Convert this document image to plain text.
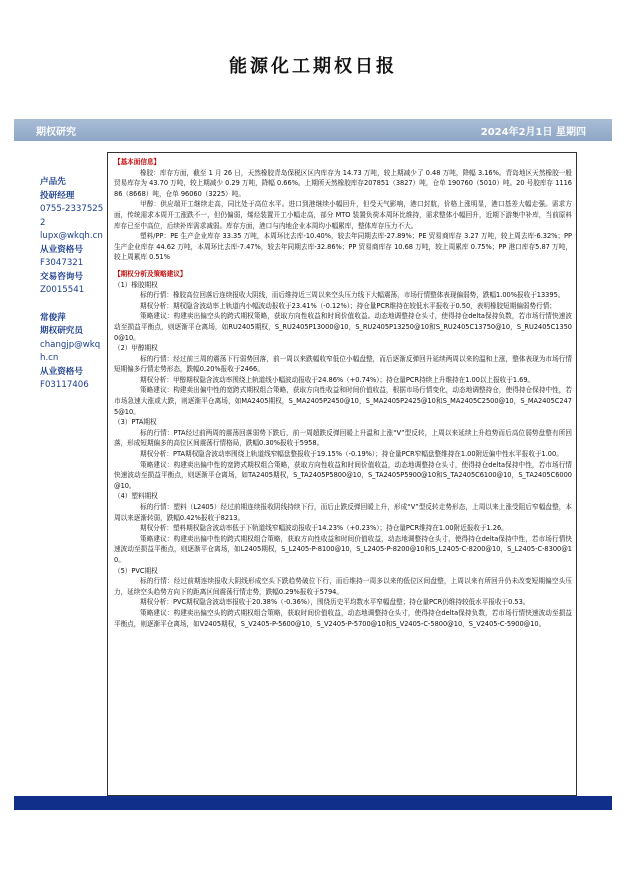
能源化工期权日报
期权研究	2024年2月1日 星期四
卢品先
投研经理
0755-23375252
lupx@wkqh.cn
从业资格号
F3047321
交易咨询号
Z0015541
常俊萍
期权研究员
changjp@wkqh.cn
从业资格号
F03117406

【基本面信息】

橡胶：库存方面，截至 1 月 26 日，天然橡胶青岛保税区区内库存为 14.73 万吨，较上期减少了 0.48 万吨，降幅 3.16%。青岛地区天然橡胶一般贸易库存为 43.70 万吨，较上期减少 0.29 万吨，降幅 0.66%。上期所天然橡胶库存207851（3827）吨，仓单 190760（5010）吨。20 号胶库存 111686（8668）吨，仓单 96060（3225）吨。

甲醇：供应端开工继续走高，同比处于高位水平。进口到港继续小幅回升，但受天气影响，港口封航，价格上涨明显，港口基差大幅走强。需求方面，传统需求本周开工涨跌不一，但仍偏弱，烯烃装置开工小幅走高，部分 MTO 装置负荷本周环比维持，需求整体小幅回升，近期下游集中补库，当前原料库存已至中高位，后续补库需求减弱。库存方面，港口与内地企业本周均小幅累库，整体库存压力不大。

塑料/PP：PE 生产企业库存 33.35 万吨，本周环比去库-10.40%，较去年同期去库-27.89%；PE 贸易商库存 3.27 万吨，较上周去库-6.32%；PP 生产企业库存 44.62 万吨，本周环比去库-7.47%，较去年同期去库-32.86%；PP 贸易商库存 10.68 万吨，较上周累库 0.75%；PP 港口库存5.87 万吨，较上周累库 0.51%

【期权分析及策略建议】

（1）橡胶期权

标的行情：橡胶高位回落后连续报收大阴线，而后维持近三周以来空头压力线下大幅震荡，市场行情整体表现偏弱势，跌幅1.00%报收于13395。

期权分析：期权隐含波动率上轨道内小幅波动报收于23.41%（-0.12%）；持仓量PCR维持在较低水平报收于0.50，表明橡胶短期偏弱势行情；

策略建议：构建卖出偏空头的跨式期权策略，获取方向性收益和时间价值收益。动态地调整持仓头寸，使得持仓delta保持负数，若市场行情快速波动至损益平衡点，则逐渐平仓离场，如RU2405期权，S_RU2405P13000@10，S_RU2405P13250@10和S_RU2405C13750@10，S_RU2405C13500@10。

（2）甲醇期权

标的行情：经过前三周的震荡下行弱势回落，前一周以来跌幅收窄低位小幅盘整，而后逐渐反弹回升延续两周以来的温和上涨，整体表现为市场行情短期偏多行情走势形态，跌幅0.20%报收于2466。

期权分析：甲醇期权隐含波动率围绕上轨道线小幅波动报收于24.86%（+0.74%）；持仓量PCR持续上升维持在1.00以上报收于1.69。

策略建议：构建卖出偏中性的宽跨式期权组合策略，获取方向性收益和时间价值收益，根据市场行情变化，动态地调整持仓，使得持仓保持中性，若市场急速大涨或大跌，则逐渐平仓离场，如MA2405期权，S_MA2405P2450@10，S_MA2405P2425@10和S_MA2405C2500@10，S_MA2405C2475@10。

（3）PTA期权

标的行情：PTA经过前两周的震荡回落弱势下跌后，前一周超跌反弹回暖上升温和上涨“V”型反转，上周以来延续上升趋势而后高位弱势盘整有所回落，形成短期偏多的高位区间震荡行情格局，跌幅0.30%报收于5958。

期权分析：PTA期权隐含波动率围绕上轨道线窄幅盘整报收于19.15%（-0.19%）；持仓量PCR窄幅盘整维持在1.00附近偏中性水平报收于1.00。

策略建议：构建卖出偏中性的宽跨式期权组合策略，获取方向性收益和时间价值收益，动态地调整持仓头寸，使得持仓delta保持中性，若市场行情快速波动至损益平衡点，则逐渐平仓离场，如TA2405期权，S_TA2405P5800@10，S_TA2405P5900@10和S_TA2405C6100@10，S_TA2405C6000@10。

（4）塑料期权

标的行情：塑料（L2405）经过前期连续报收阴线持续下行，而后止跌反弹回暖上升，形成“V”型反转走势形态，上周以来上涨受阻后窄幅盘整，本周以来逐渐转弱，跌幅0.42%报收于8213。

期权分析：塑料期权隐含波动率低于下轨道线窄幅波动报收于14.23%（+0.23%）；持仓量PCR维持在1.00附近报收于1.26。

策略建议：构建卖出偏中性的跨式期权组合策略，获取方向性收益和时间价值收益，动态地调整持仓头寸，使得持仓delta保持中性，若市场行情快速波动至损益平衡点，则逐渐平仓离场，如L2405期权，S_L2405-P-8100@10，S_L2405-P-8200@10和S_L2405-C-8200@10，S_L2405-C-8300@10。

（5）PVC期权

标的行情：经过前期连续报收大阴线形成空头下跌趋势破位下行，而后维持一周多以来的低位区间盘整，上周以来有所回升仍未改变短期偏空头压力，延续空头趋势方向下的距离区间震荡行情走势，跌幅0.29%报收于5794。

期权分析：PVC期权隐含波动率报收于20.38%（-0.36%），围绕历史平均数水平窄幅盘整；持仓量PCR仍维持较低水平报收于0.53。

策略建议：构建卖出偏空头的跨式期权组合策略，获取时间价值收益，动态地调整持仓头寸，使得持仓delta保持负数，若市场行情快速波动至损益平衡点，则逐渐平仓离场，如V2405期权，S_V2405-P-5600@10，S_V2405-P-5700@10和S_V2405-C-5800@10，S_V2405-C-5900@10。
